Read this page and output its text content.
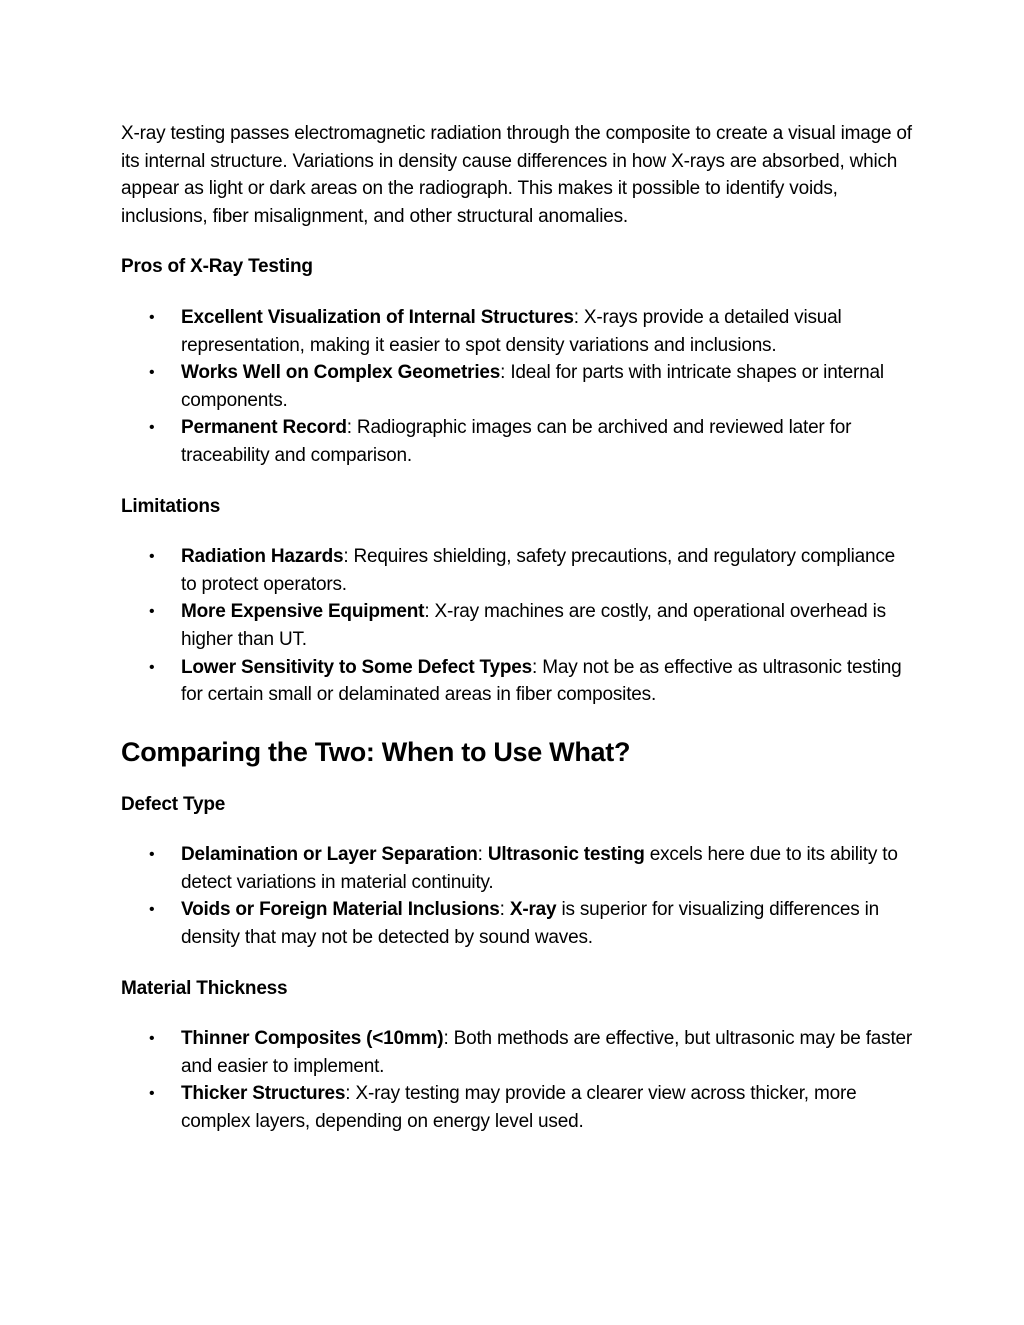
X-ray testing passes electromagnetic radiation through the composite to create a visual image of its internal structure. Variations in density cause differences in how X-rays are absorbed, which appear as light or dark areas on the radiograph. This makes it possible to identify voids, inclusions, fiber misalignment, and other structural anomalies.

Pros of X-Ray Testing

• Excellent Visualization of Internal Structures: X-rays provide a detailed visual representation, making it easier to spot density variations and inclusions.
• Works Well on Complex Geometries: Ideal for parts with intricate shapes or internal components.
• Permanent Record: Radiographic images can be archived and reviewed later for traceability and comparison.

Limitations

• Radiation Hazards: Requires shielding, safety precautions, and regulatory compliance to protect operators.
• More Expensive Equipment: X-ray machines are costly, and operational overhead is higher than UT.
• Lower Sensitivity to Some Defect Types: May not be as effective as ultrasonic testing for certain small or delaminated areas in fiber composites.
Comparing the Two: When to Use What?

Defect Type

• Delamination or Layer Separation: Ultrasonic testing excels here due to its ability to detect variations in material continuity.
• Voids or Foreign Material Inclusions: X-ray is superior for visualizing differences in density that may not be detected by sound waves.

Material Thickness

• Thinner Composites (<10mm): Both methods are effective, but ultrasonic may be faster and easier to implement.
• Thicker Structures: X-ray testing may provide a clearer view across thicker, more complex layers, depending on energy level used.
